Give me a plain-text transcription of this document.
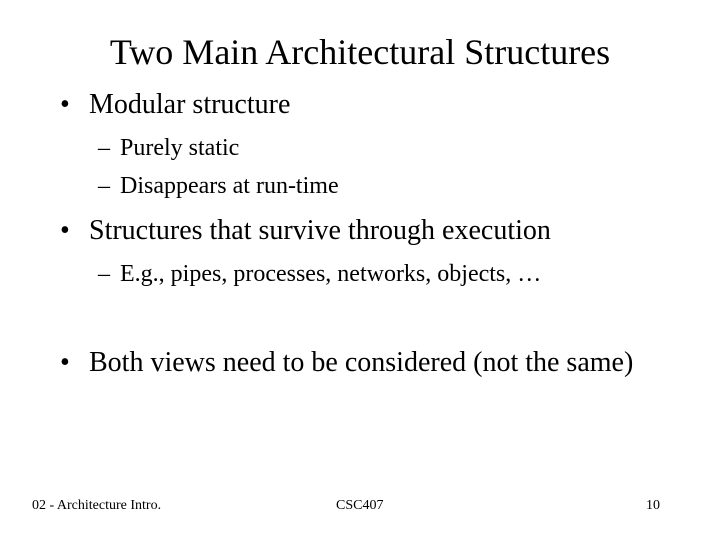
Two Main Architectural Structures
• Modular structure
– Purely static
– Disappears at run-time
• Structures that survive through execution
– E.g., pipes, processes, networks, objects, …
• Both views need to be considered (not the same)
02 - Architecture Intro.	CSC407	10
